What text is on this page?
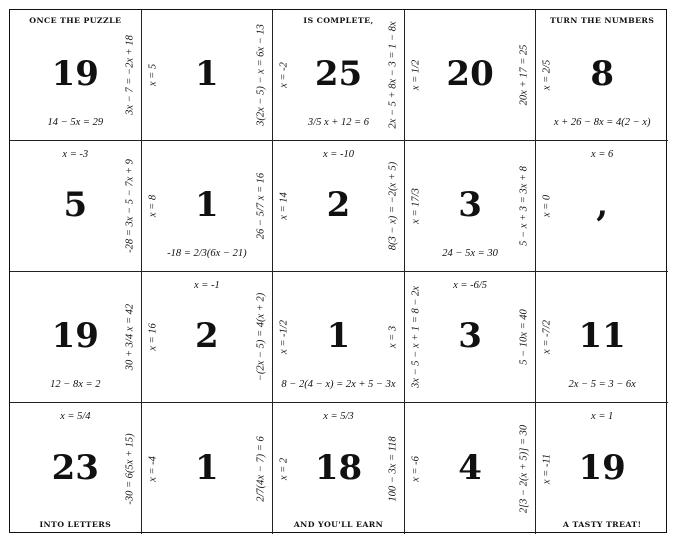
19
14 − 5x = 29
3x − 7 = −2x + 18
ONCE THE PUZZLE
1
x = 5	3(2x − 5) − x = 6x − 13	25
3/5 x + 12 = 6
x = -2	2x − 5 + 8x − 3 = 1 − 8x
IS COMPLETE,
20
x = 1/2	20x + 17 = 25	8
x + 26 − 8x = 4(2 − x)
x = 2/5
TURN THE NUMBERS
5
x = -3
-28 = 3x − 5 − 7x + 9	1
-18 = 2/3(6x − 21)
x = 8	26 − 5/7 x = 16	2
x = -10
x = 14	8(3 − x) = −2(x + 5)	3
24 − 5x = 30
x = 17/3	5 − x + 3 = 3x + 8	,
x = 6
x = 0
19
12 − 8x = 2
30 + 3/4 x = 42	2
x = -1
x = 16	−(2x − 5) = 4(x + 2)	1
8 − 2(4 − x) = 2x + 5 − 3x
x = -1/2	x = 3	3
x = -6/5
3x − 5 − x + 1 = 8 − 2x	5 − 10x = 40	11
2x − 5 = 3 − 6x
x = -7/2
23
x = 5/4
-30 = 6(5x + 15)
INTO LETTERS
1
x = -4	2/7(4x − 7) = 6	18
x = 5/3
x = 2	100 − 3x = 118
AND YOU'LL EARN
4
x = -6	2[3 − 2(x + 5)] = 30	19
x = 1
x = -11
A TASTY TREAT!
